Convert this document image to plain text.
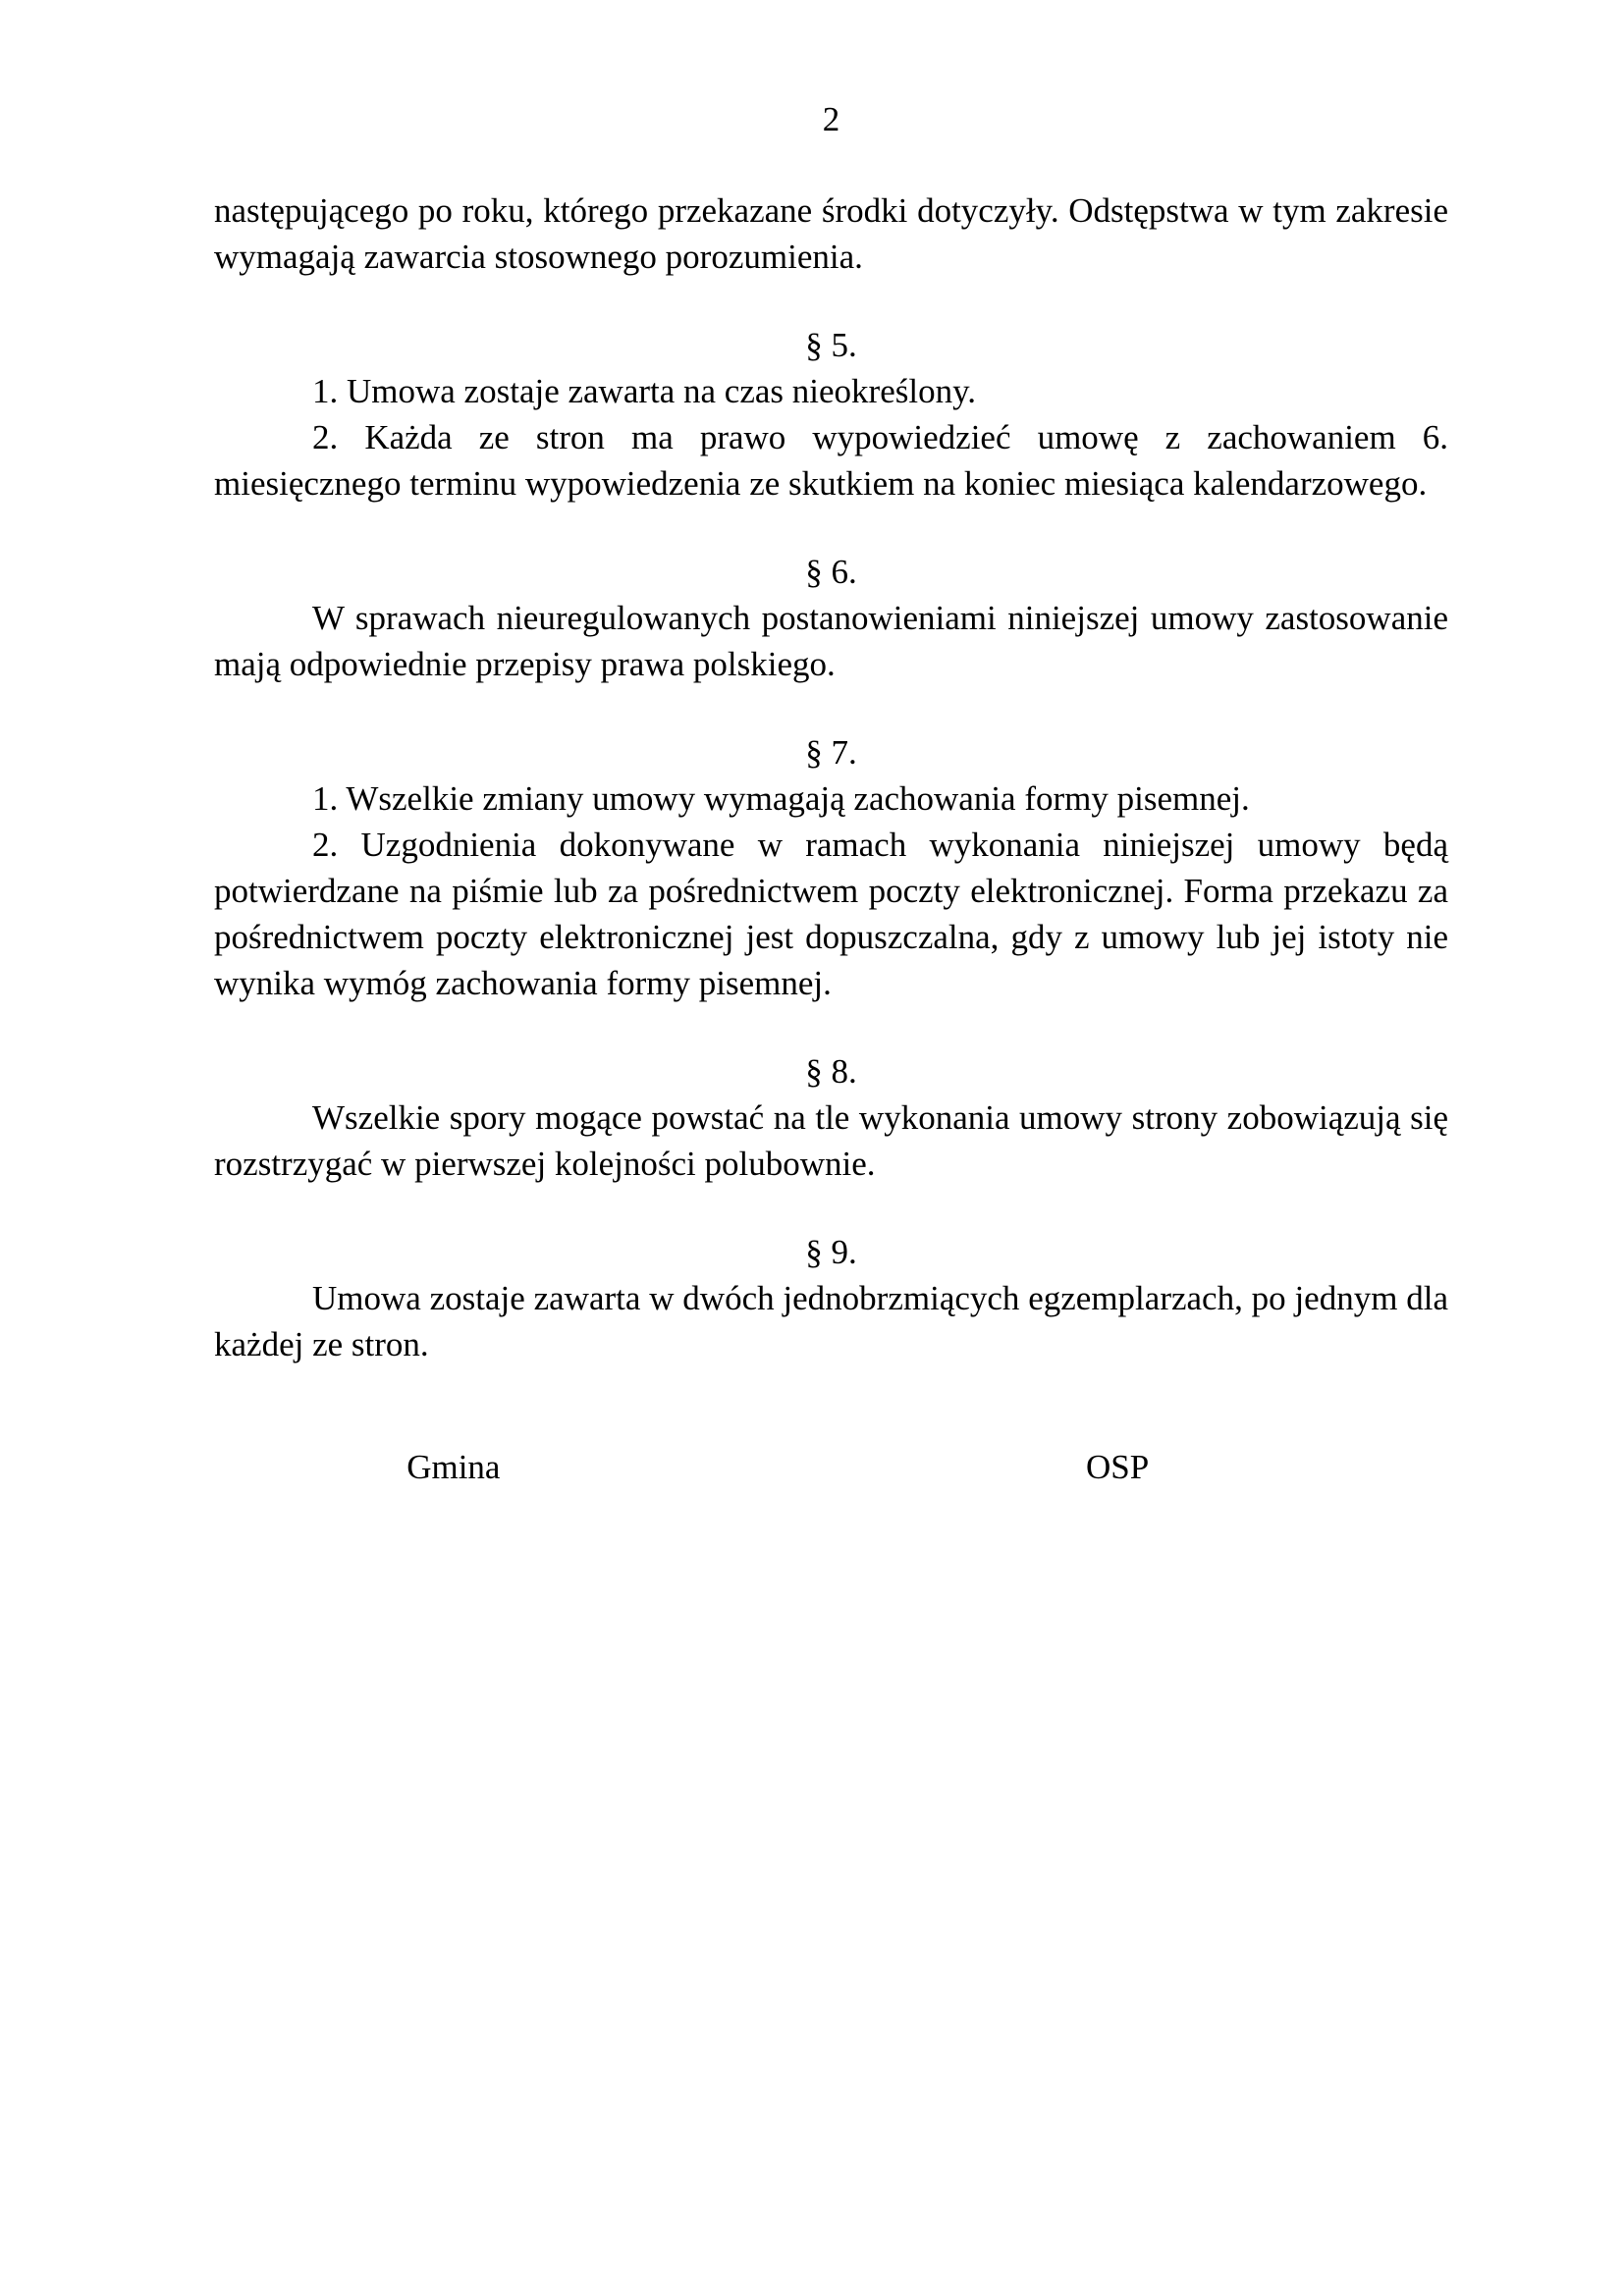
2

następującego po roku, którego przekazane środki dotyczyły. Odstępstwa w tym zakresie wymagają zawarcia stosownego porozumienia.

§ 5.

1. Umowa zostaje zawarta na czas nieokreślony.

2. Każda ze stron ma prawo wypowiedzieć umowę z zachowaniem 6. miesięcznego terminu wypowiedzenia ze skutkiem na koniec miesiąca kalendarzowego.

§ 6.

W sprawach nieuregulowanych postanowieniami niniejszej umowy zastosowanie mają odpowiednie przepisy prawa polskiego.

§ 7.

1. Wszelkie zmiany umowy wymagają zachowania formy pisemnej.

2. Uzgodnienia dokonywane w ramach wykonania niniejszej umowy będą potwierdzane na piśmie lub za pośrednictwem poczty elektronicznej. Forma przekazu za pośrednictwem poczty elektronicznej jest dopuszczalna, gdy z umowy lub jej istoty nie wynika wymóg zachowania formy pisemnej.

§ 8.

Wszelkie spory mogące powstać na tle wykonania umowy strony zobowiązują się rozstrzygać w pierwszej kolejności polubownie.

§ 9.

Umowa zostaje zawarta w dwóch jednobrzmiących egzemplarzach, po jednym dla każdej ze stron.

Gmina	OSP
